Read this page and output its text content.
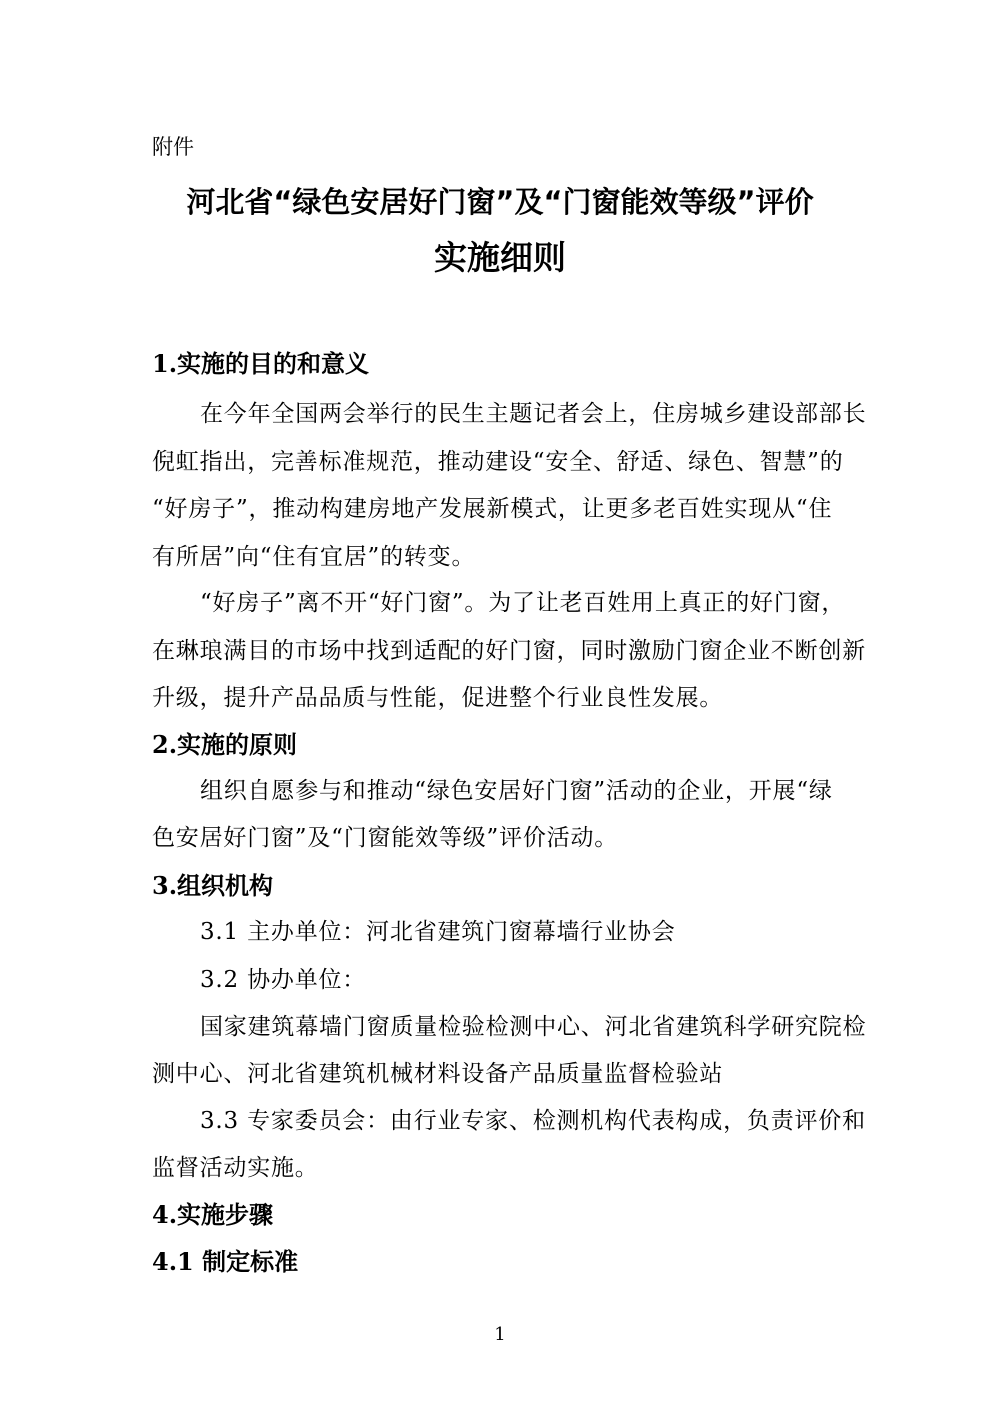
附件
河北省“绿色安居好门窗”及“门窗能效等级”评价
实施细则
1.实施的目的和意义
在今年全国两会举行的民生主题记者会上，住房城乡建设部部长
倪虹指出，完善标准规范，推动建设“安全、舒适、绿色、智慧”的
“好房子”，推动构建房地产发展新模式，让更多老百姓实现从“住
有所居”向“住有宜居”的转变。
“好房子”离不开“好门窗”。为了让老百姓用上真正的好门窗，
在琳琅满目的市场中找到适配的好门窗，同时激励门窗企业不断创新
升级，提升产品品质与性能，促进整个行业良性发展。
2.实施的原则
组织自愿参与和推动“绿色安居好门窗”活动的企业，开展“绿
色安居好门窗”及“门窗能效等级”评价活动。
3.组织机构
3.1 主办单位：河北省建筑门窗幕墙行业协会
3.2 协办单位：
国家建筑幕墙门窗质量检验检测中心、河北省建筑科学研究院检
测中心、河北省建筑机械材料设备产品质量监督检验站
3.3 专家委员会：由行业专家、检测机构代表构成，负责评价和
监督活动实施。
4.实施步骤
4.1 制定标准
1
